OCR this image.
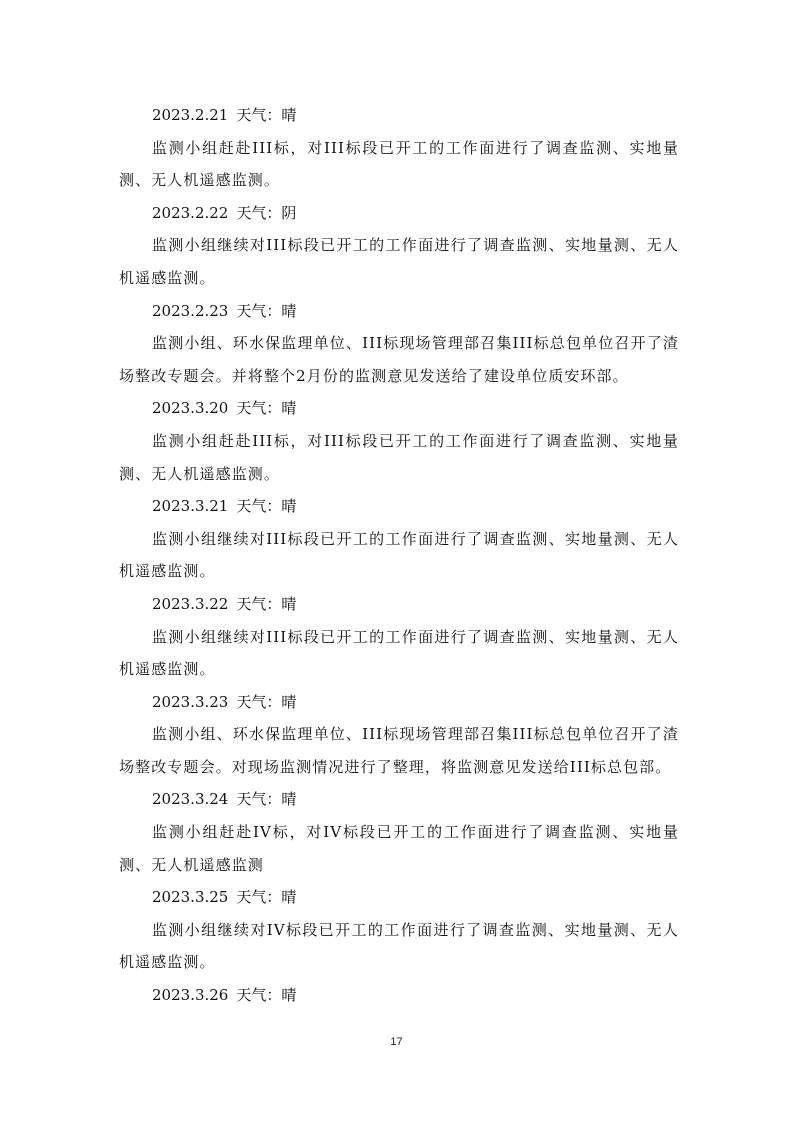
2023.2.21 天气：晴

监测小组赶赴III标，对III标段已开工的工作面进行了调查监测、实地量测、无人机遥感监测。

2023.2.22 天气：阴

监测小组继续对III标段已开工的工作面进行了调查监测、实地量测、无人机遥感监测。

2023.2.23 天气：晴

监测小组、环水保监理单位、III标现场管理部召集III标总包单位召开了渣场整改专题会。并将整个2月份的监测意见发送给了建设单位质安环部。

2023.3.20 天气：晴

监测小组赶赴III标，对III标段已开工的工作面进行了调查监测、实地量测、无人机遥感监测。

2023.3.21 天气：晴

监测小组继续对III标段已开工的工作面进行了调查监测、实地量测、无人机遥感监测。

2023.3.22 天气：晴

监测小组继续对III标段已开工的工作面进行了调查监测、实地量测、无人机遥感监测。

2023.3.23 天气：晴

监测小组、环水保监理单位、III标现场管理部召集III标总包单位召开了渣场整改专题会。对现场监测情况进行了整理，将监测意见发送给III标总包部。

2023.3.24 天气：晴

监测小组赶赴IV标，对IV标段已开工的工作面进行了调查监测、实地量测、无人机遥感监测

2023.3.25 天气：晴

监测小组继续对IV标段已开工的工作面进行了调查监测、实地量测、无人机遥感监测。

2023.3.26 天气：晴

17
